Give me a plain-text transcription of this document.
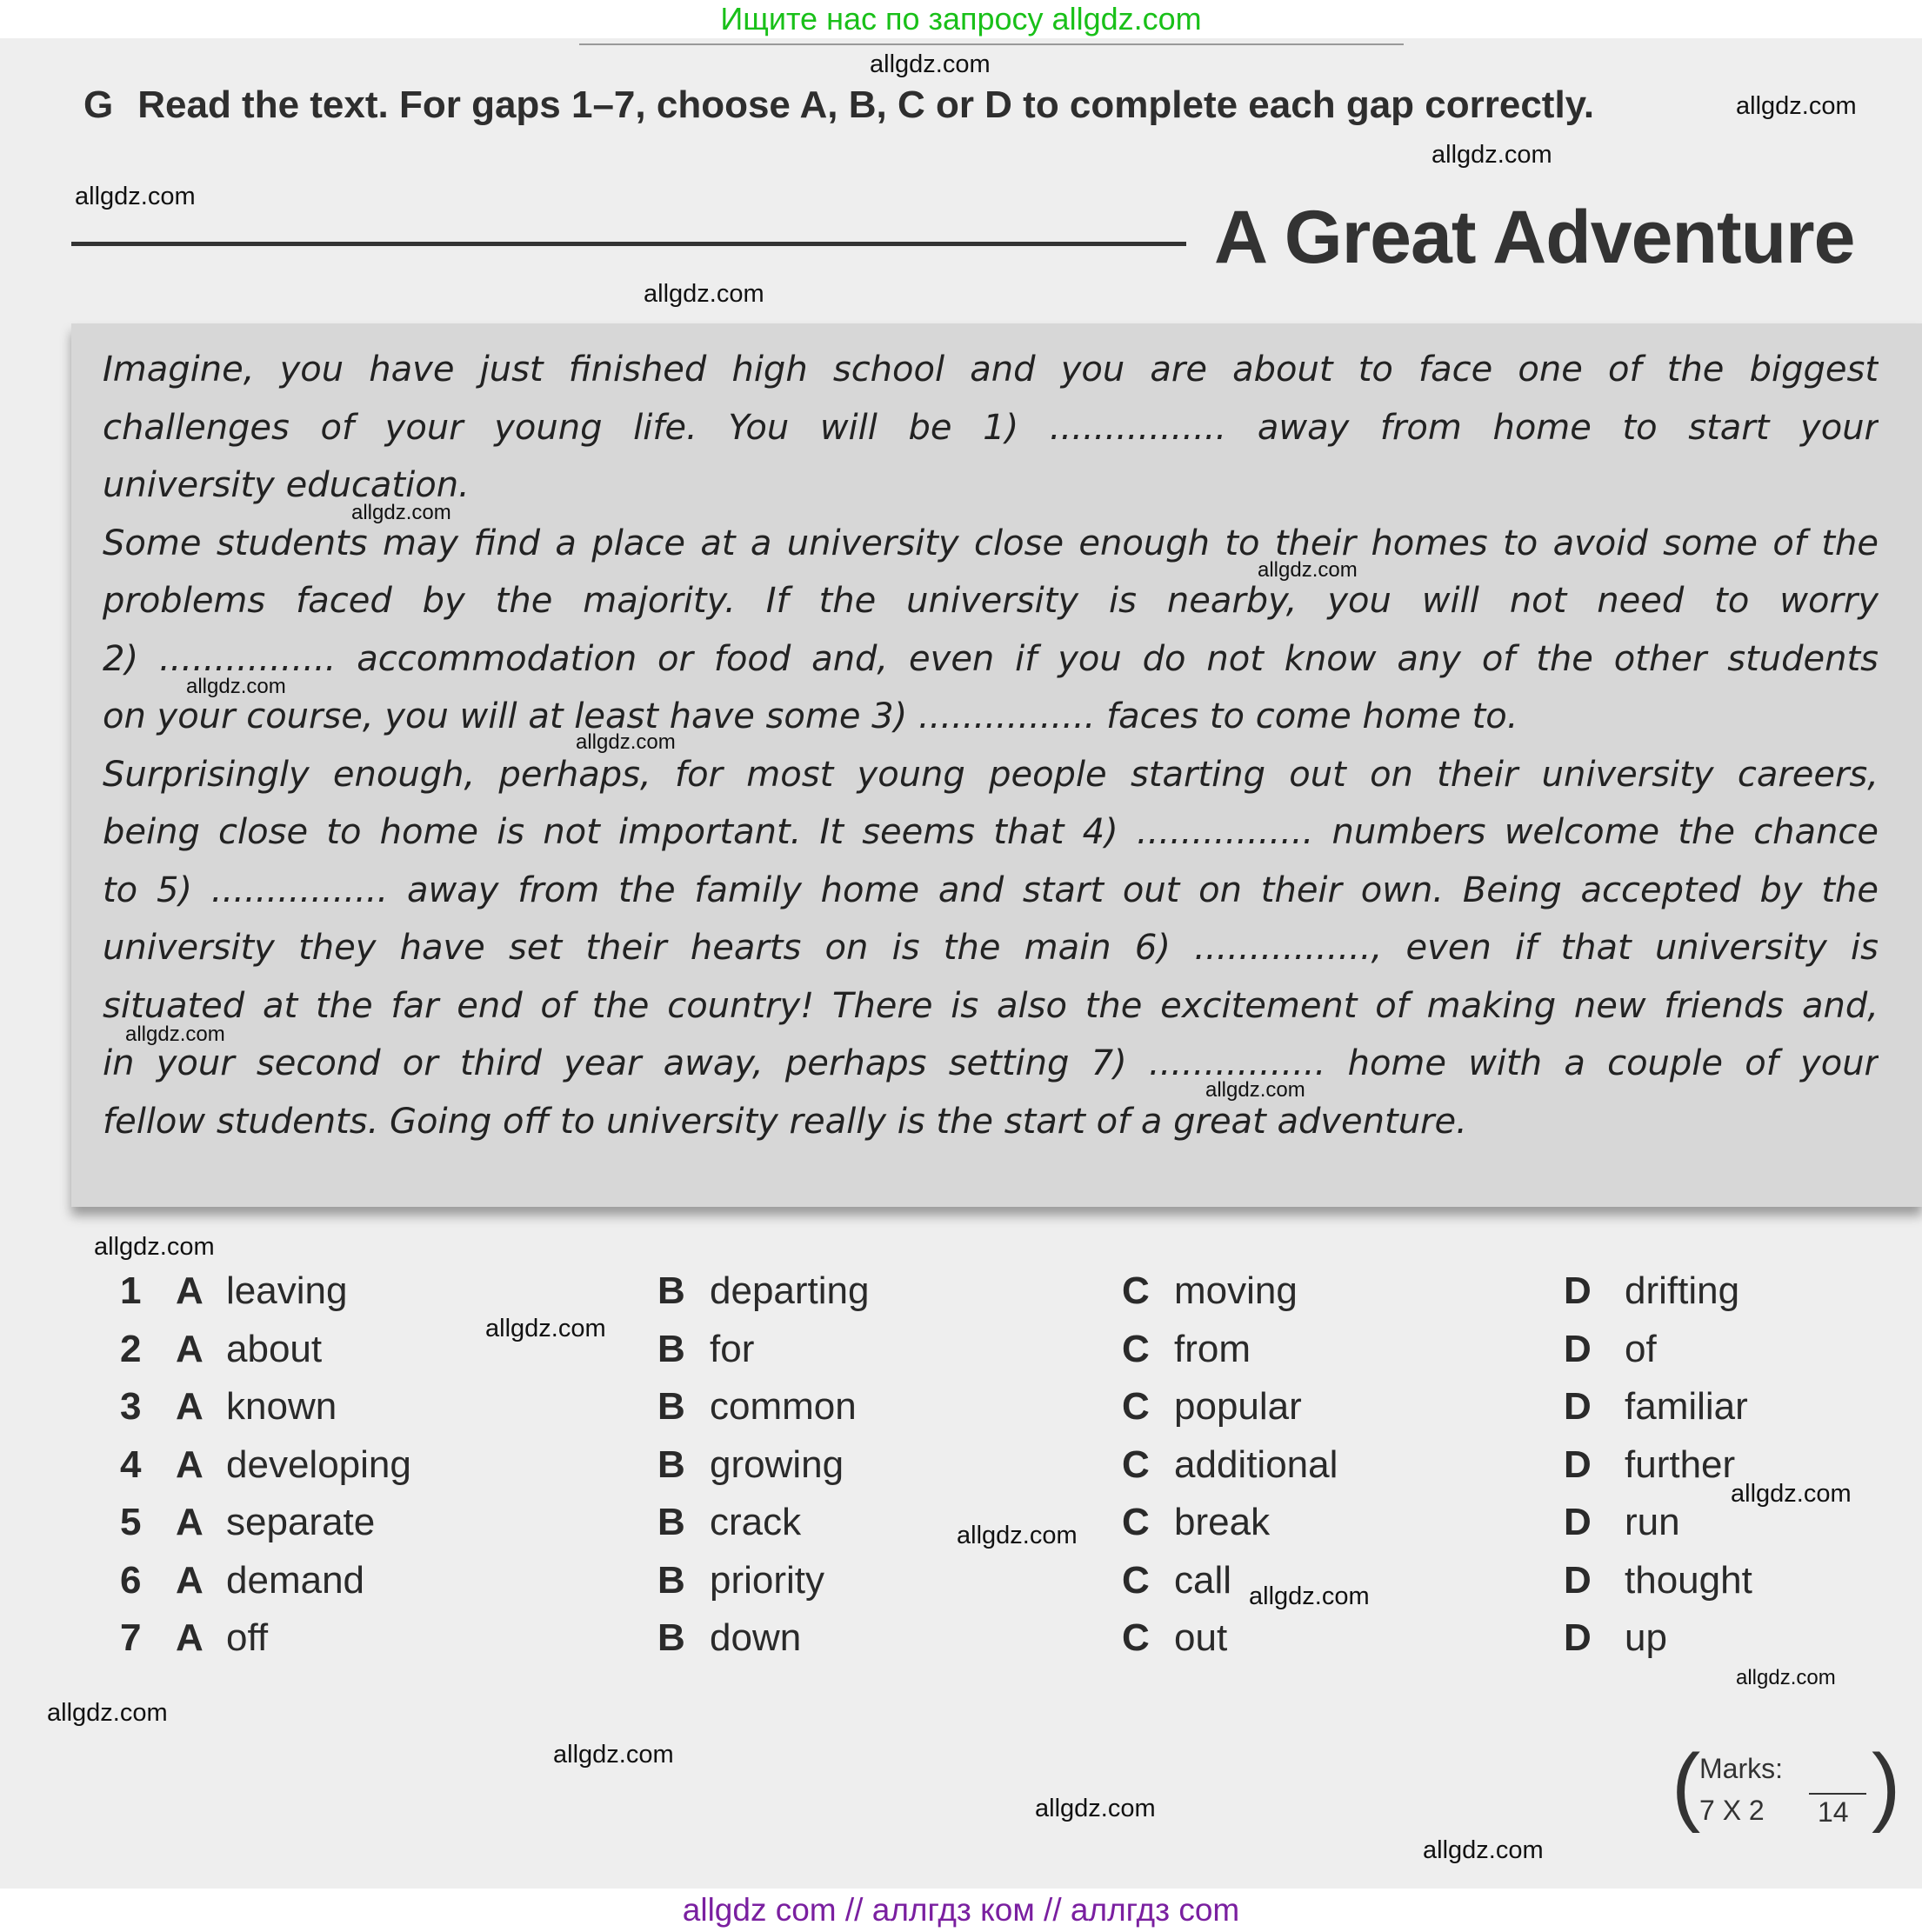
Ищите нас по запросу allgdz.com
G Read the text. For gaps 1–7, choose A, B, C or D to complete each gap correctly.
A Great Adventure
Imagine, you have just finished high school and you are about to face one of the biggest
challenges of your young life. You will be 1) ................ away from home to start your
university education.
Some students may find a place at a university close enough to their homes to avoid some of the
problems faced by the majority. If the university is nearby, you will not need to worry
2) ................ accommodation or food and, even if you do not know any of the other students
on your course, you will at least have some 3) ................ faces to come home to.
Surprisingly enough, perhaps, for most young people starting out on their university careers,
being close to home is not important. It seems that 4) ................ numbers welcome the chance
to 5) ................ away from the family home and start out on their own. Being accepted by the
university they have set their hearts on is the main 6) ................, even if that university is
situated at the far end of the country! There is also the excitement of making new friends and,
in your second or third year away, perhaps setting 7) ................ home with a couple of your
fellow students. Going off to university really is the start of a great adventure.
1 A leaving	B departing	C moving	D drifting
2 A about	B for	C from	D of
3 A known	B common	C popular	D familiar
4 A developing	B growing	C additional	D further
5 A separate	B crack	C break	D run
6 A demand	B priority	C call	D thought
7 A off	B down	C out	D up
(
Marks:
7 X 2 14 )
allgdz.com
allgdz.com
allgdz.com
allgdz.com
allgdz.com
allgdz.com
allgdz.com
allgdz.com
allgdz.com
allgdz.com
allgdz.com
allgdz.com
allgdz.com
allgdz.com
allgdz.com
allgdz.com
allgdz.com
allgdz.com
allgdz.com
allgdz.com
allgdz.com
allgdz com // аллгдз ком // аллгдз com
